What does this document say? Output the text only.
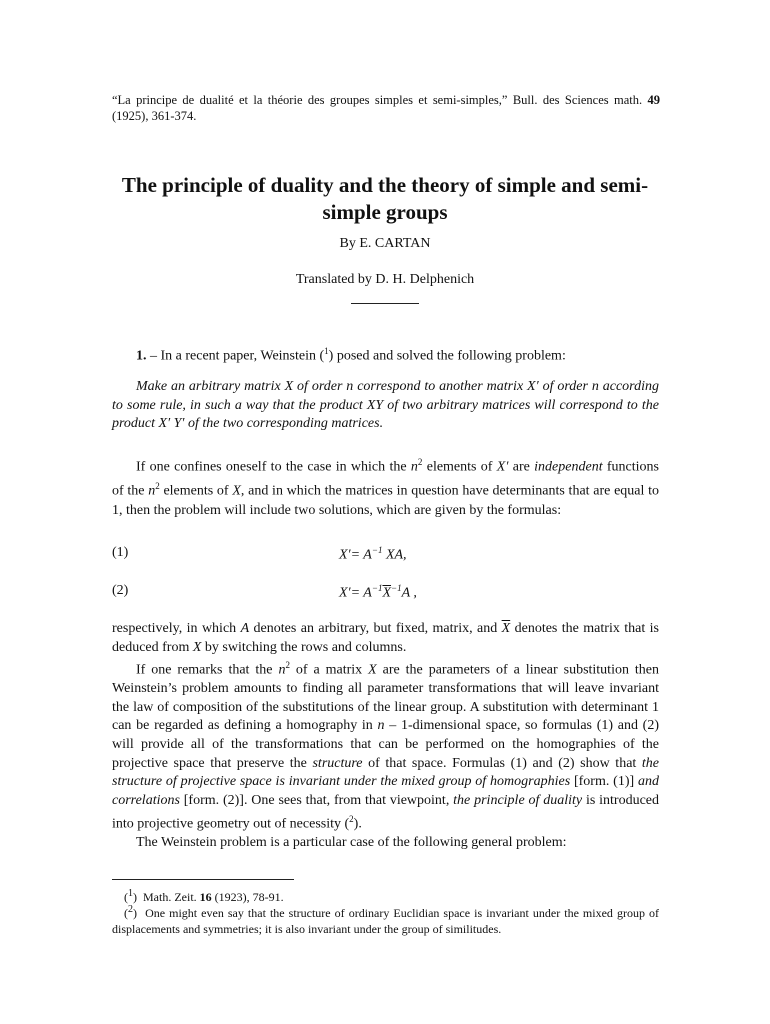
“La principe de dualité et la théorie des groupes simples et semi-simples,” Bull. des Sciences math. 49 (1925), 361-374.
The principle of duality and the theory of simple and semi-
simple groups
By E. CARTAN
Translated by D. H. Delphenich
1. – In a recent paper, Weinstein ($^1$) posed and solved the following problem:
Make an arbitrary matrix X of order n correspond to another matrix X′ of order n according to some rule, in such a way that the product XY of two arbitrary matrices will correspond to the product X′ Y′ of the two corresponding matrices.
If one confines oneself to the case in which the $n^2$ elements of X′ are independent functions of the $n^2$ elements of X, and in which the matrices in question have determinants that are equal to 1, then the problem will include two solutions, which are given by the formulas:
(1)	$X'= A^{-1}$ XA,
(2)	$X'= A^{-1}\overline{X}^{-1}A$ ,
respectively, in which A denotes an arbitrary, but fixed, matrix, and $\overline{X}$ denotes the matrix that is deduced from X by switching the rows and columns.
If one remarks that the $n^2$ of a matrix X are the parameters of a linear substitution then Weinstein’s problem amounts to finding all parameter transformations that will leave invariant the law of composition of the substitutions of the linear group. A substitution with determinant 1 can be regarded as defining a homography in n – 1-dimensional space, so formulas (1) and (2) will provide all of the transformations that can be performed on the homographies of the projective space that preserve the structure of that space. Formulas (1) and (2) show that the structure of projective space is invariant under the mixed group of homographies [form. (1)] and correlations [form. (2)]. One sees that, from that viewpoint, the principle of duality is introduced into projective geometry out of necessity ($^2$).
The Weinstein problem is a particular case of the following general problem:
($^1$)  Math. Zeit. 16 (1923), 78-91.
($^2$)  One might even say that the structure of ordinary Euclidian space is invariant under the mixed group of displacements and symmetries; it is also invariant under the group of similitudes.
